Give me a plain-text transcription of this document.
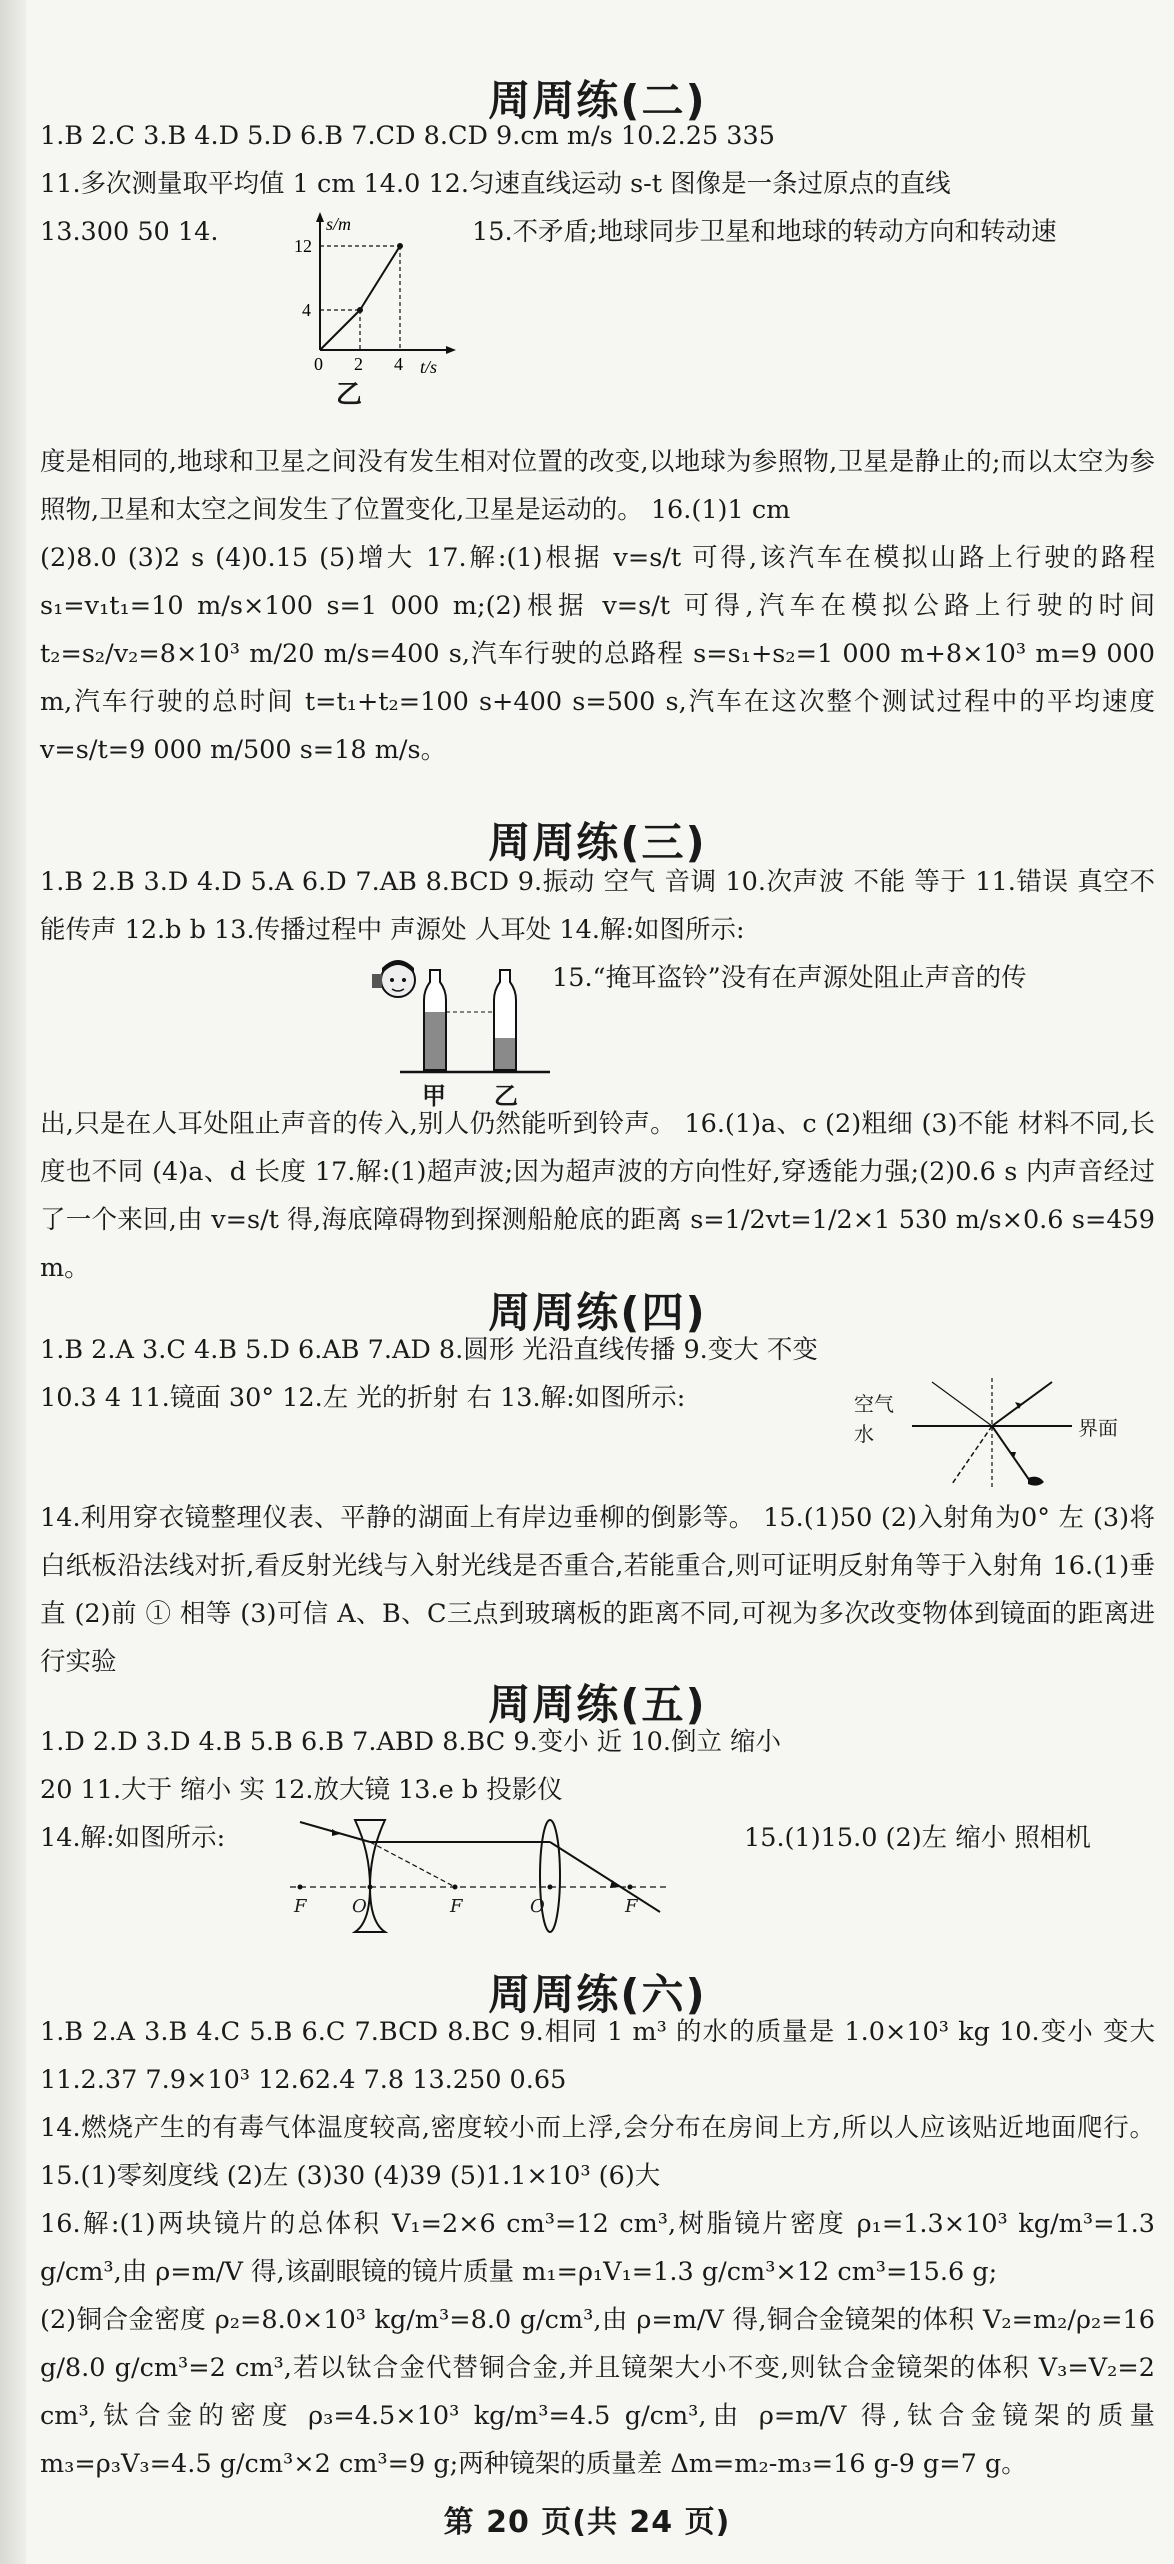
周周练(二)

1.B 2.C 3.B 4.D 5.D 6.B 7.CD 8.CD 9.cm m/s 10.2.25 335

11.多次测量取平均值 1 cm 14.0 12.匀速直线运动 s-t 图像是一条过原点的直线

13.300 50 14.	15.不矛盾;地球同步卫星和地球的转动方向和转动速

s/m
t/s
12
4
0 2 4
乙

度是相同的,地球和卫星之间没有发生相对位置的改变,以地球为参照物,卫星是静止的;而以太空为参照物,卫星和太空之间发生了位置变化,卫星是运动的。 16.(1)1 cm

(2)8.0 (3)2 s (4)0.15 (5)增大 17.解:(1)根据 v=s/t 可得,该汽车在模拟山路上行驶的路程 s₁=v₁t₁=10 m/s×100 s=1 000 m;(2)根据 v=s/t 可得,汽车在模拟公路上行驶的时间 t₂=s₂/v₂=8×10³ m/20 m/s=400 s,汽车行驶的总路程 s=s₁+s₂=1 000 m+8×10³ m=9 000 m,汽车行驶的总时间 t=t₁+t₂=100 s+400 s=500 s,汽车在这次整个测试过程中的平均速度 v=s/t=9 000 m/500 s=18 m/s。

周周练(三)

1.B 2.B 3.D 4.D 5.A 6.D 7.AB 8.BCD 9.振动 空气 音调 10.次声波 不能 等于 11.错误 真空不能传声 12.b b 13.传播过程中 声源处 人耳处 14.解:如图所示:

15.“掩耳盗铃”没有在声源处阻止声音的传

甲 乙

出,只是在人耳处阻止声音的传入,别人仍然能听到铃声。 16.(1)a、c (2)粗细 (3)不能 材料不同,长度也不同 (4)a、d 长度 17.解:(1)超声波;因为超声波的方向性好,穿透能力强;(2)0.6 s 内声音经过了一个来回,由 v=s/t 得,海底障碍物到探测船舱底的距离 s=1/2vt=1/2×1 530 m/s×0.6 s=459 m。

周周练(四)

1.B 2.A 3.C 4.B 5.D 6.AB 7.AD 8.圆形 光沿直线传播 9.变大 不变

10.3 4 11.镜面 30° 12.左 光的折射 右 13.解:如图所示:	空气
水	界面

14.利用穿衣镜整理仪表、平静的湖面上有岸边垂柳的倒影等。 15.(1)50 (2)入射角为0° 左 (3)将白纸板沿法线对折,看反射光线与入射光线是否重合,若能重合,则可证明反射角等于入射角 16.(1)垂直 (2)前 ① 相等 (3)可信 A、B、C三点到玻璃板的距离不同,可视为多次改变物体到镜面的距离进行实验

周周练(五)

1.D 2.D 3.D 4.B 5.B 6.B 7.ABD 8.BC 9.变小 近 10.倒立 缩小

20 11.大于 缩小 实 12.放大镜 13.e b 投影仪

14.解:如图所示:	15.(1)15.0 (2)左 缩小 照相机

F	O	F	O	F
周周练(六)

1.B 2.A 3.B 4.C 5.B 6.C 7.BCD 8.BC 9.相同 1 m³ 的水的质量是 1.0×10³ kg 10.变小 变大 11.2.37 7.9×10³ 12.62.4 7.8 13.250 0.65

14.燃烧产生的有毒气体温度较高,密度较小而上浮,会分布在房间上方,所以人应该贴近地面爬行。 15.(1)零刻度线 (2)左 (3)30 (4)39 (5)1.1×10³ (6)大

16.解:(1)两块镜片的总体积 V₁=2×6 cm³=12 cm³,树脂镜片密度 ρ₁=1.3×10³ kg/m³=1.3 g/cm³,由 ρ=m/V 得,该副眼镜的镜片质量 m₁=ρ₁V₁=1.3 g/cm³×12 cm³=15.6 g;

(2)铜合金密度 ρ₂=8.0×10³ kg/m³=8.0 g/cm³,由 ρ=m/V 得,铜合金镜架的体积 V₂=m₂/ρ₂=16 g/8.0 g/cm³=2 cm³,若以钛合金代替铜合金,并且镜架大小不变,则钛合金镜架的体积 V₃=V₂=2 cm³,钛合金的密度 ρ₃=4.5×10³ kg/m³=4.5 g/cm³,由 ρ=m/V 得,钛合金镜架的质量 m₃=ρ₃V₃=4.5 g/cm³×2 cm³=9 g;两种镜架的质量差 Δm=m₂-m₃=16 g-9 g=7 g。

第 20 页(共 24 页)
